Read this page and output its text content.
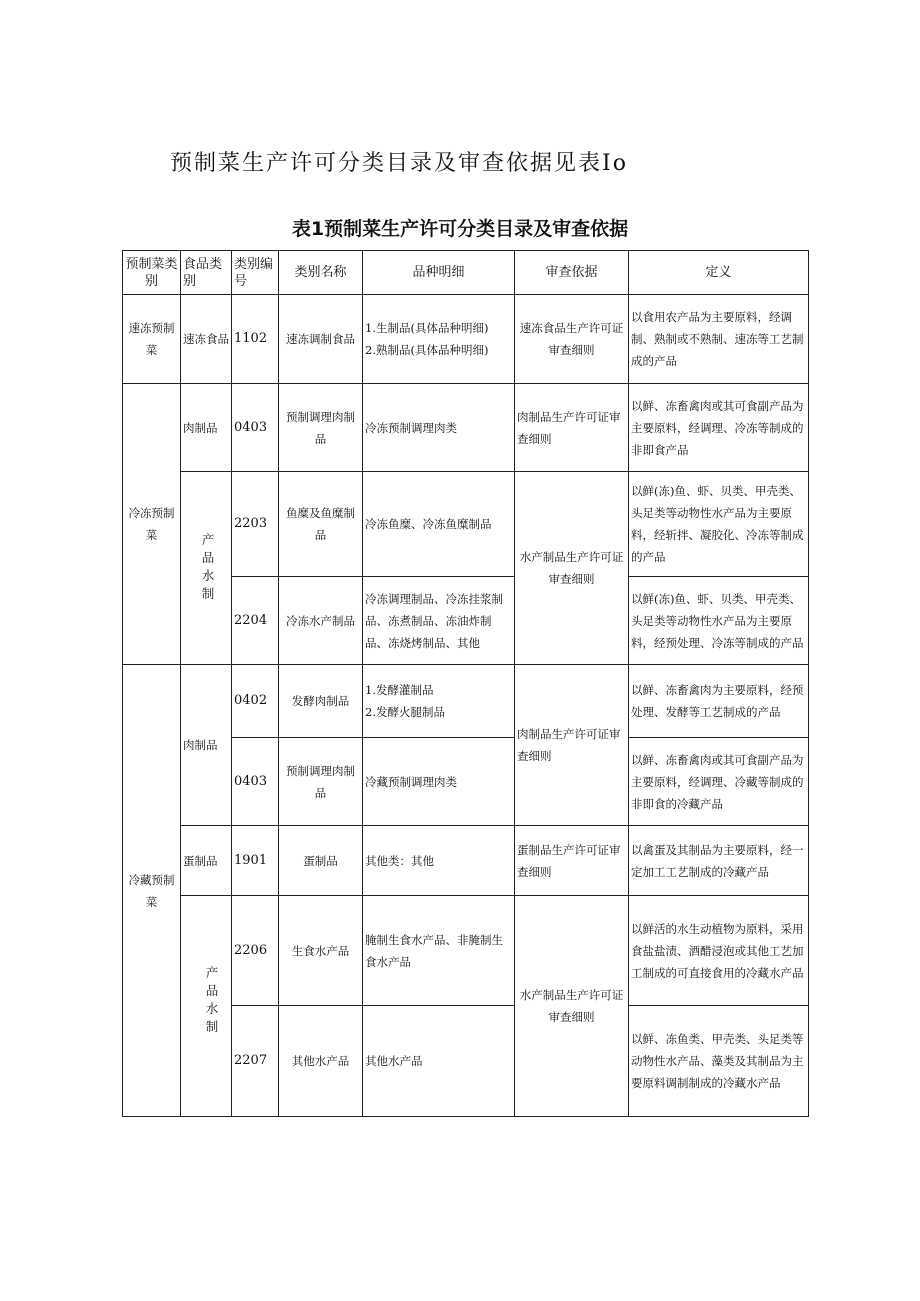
预制菜生产许可分类目录及审查依据见表Io
表1预制菜生产许可分类目录及审查依据
预制菜类别	食品类别	类别编号	类别名称	品种明细	审查依据	定义
速冻预制菜	速冻食品	1102	速冻调制食品	1.生制品(具体品种明细)
2.熟制品(具体品种明细)	速冻食品生产许可证审查细则	以食用农产品为主要原料，经调制、熟制或不熟制、速冻等工艺制成的产品
冷冻预制菜	肉制品	0403	预制调理肉制品	冷冻预制调理肉类	肉制品生产许可证审查细则	以鲜、冻畜禽肉或其可食副产品为主要原料，经调理、冷冻等制成的非即食产品
	产品水制	2203	鱼糜及鱼糜制品	冷冻鱼糜、冷冻鱼糜制品	水产制品生产许可证审查细则	以鲜(冻)鱼、虾、贝类、甲壳类、头足类等动物性水产品为主要原料，经斩拌、凝胶化、冷冻等制成的产品
		2204	冷冻水产制品	冷冻调理制品、冷冻挂浆制品、冻煮制品、冻油炸制品、冻烧烤制品、其他		以鲜(冻)鱼、虾、贝类、甲壳类、头足类等动物性水产品为主要原料，经预处理、冷冻等制成的产品
冷藏预制菜	肉制品	0402	发酵肉制品	1.发酵灌制品
2.发酵火腿制品	肉制品生产许可证审查细则	以鲜、冻畜禽肉为主要原料，经预处理、发酵等工艺制成的产品
		0403	预制调理肉制品	冷藏预制调理肉类		以鲜、冻畜禽肉或其可食副产品为主要原料，经调理、冷藏等制成的非即食的冷藏产品
	蛋制品	1901	蛋制品	其他类：其他	蛋制品生产许可证审查细则	以禽蛋及其制品为主要原料，经一定加工工艺制成的冷藏产品
	产品水制	2206	生食水产品	腌制生食水产品、非腌制生食水产品	水产制品生产许可证审查细则	以鲜活的水生动植物为原料，采用食盐盐渍、酒醋浸泡或其他工艺加工制成的可直接食用的冷藏水产品
		2207	其他水产品	其他水产品		以鲜、冻鱼类、甲壳类、头足类等动物性水产品、藻类及其制品为主要原料调制制成的冷藏水产品
